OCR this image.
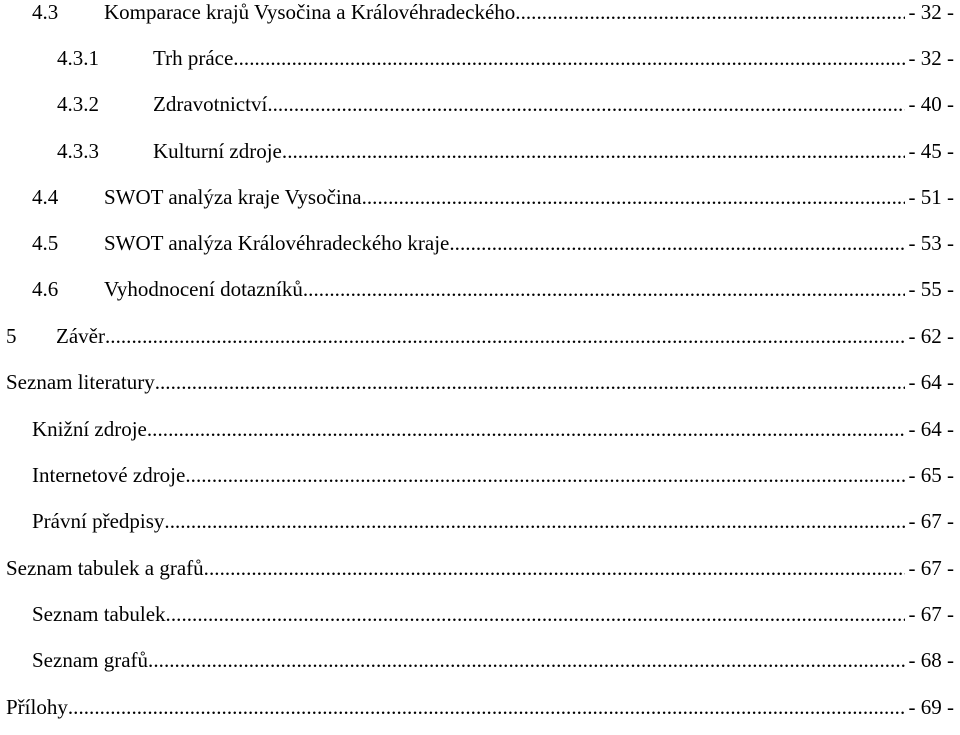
4.3	Komparace krajů Vysočina a Královéhradeckého . . .	- 32 -
4.3.1	Trh práce . . .	- 32 -
4.3.2	Zdravotnictví . . .	- 40 -
4.3.3	Kulturní zdroje . . .	- 45 -
4.4	SWOT analýza kraje Vysočina . . .	- 51 -
4.5	SWOT analýza Královéhradeckého kraje . . .	- 53 -
4.6	Vyhodnocení dotazníků . . .	- 55 -
5	Závěr . . .	- 62 -
Seznam literatury . . .	- 64 -
Knižní zdroje . . .	- 64 -
Internetové zdroje . . .	- 65 -
Právní předpisy . . .	- 67 -
Seznam tabulek a grafů . . .	- 67 -
Seznam tabulek . . .	- 67 -
Seznam grafů . . .	- 68 -
Přílohy . . .	- 69 -
